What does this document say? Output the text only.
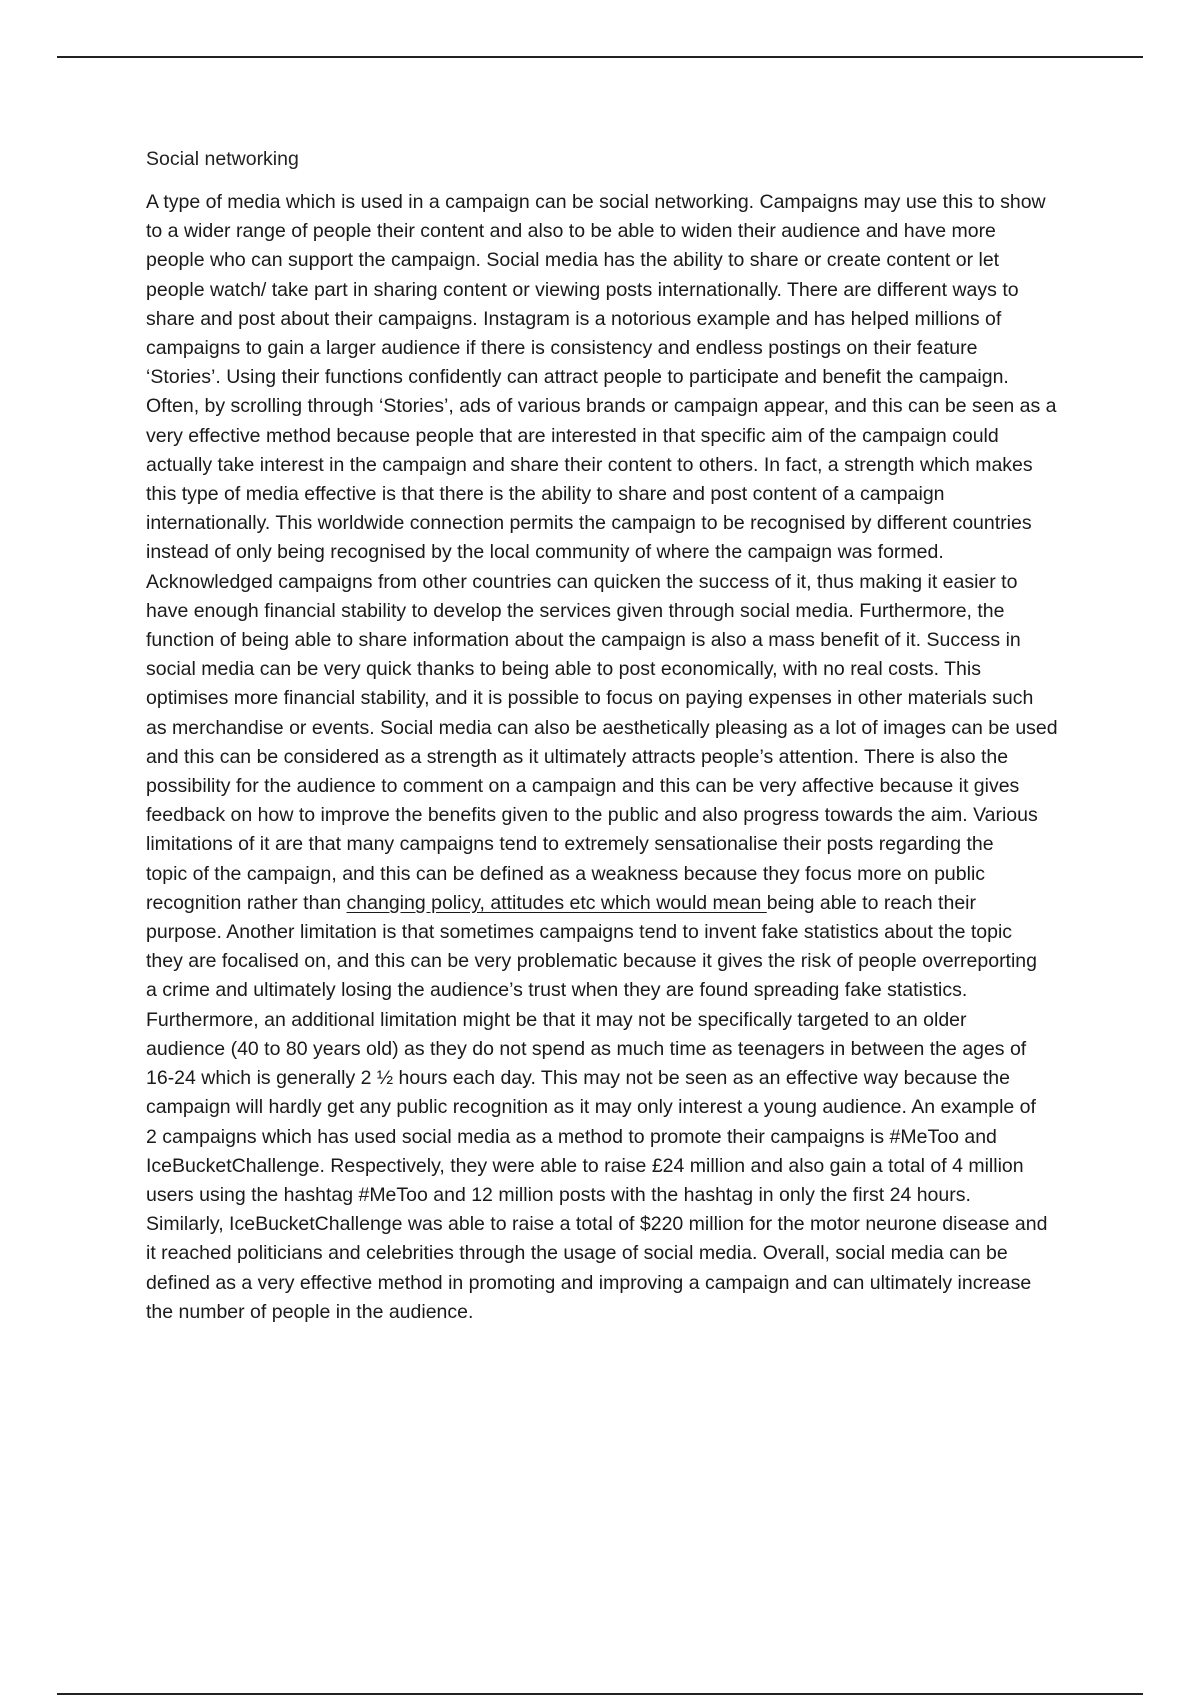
Social networking

A type of media which is used in a campaign can be social networking. Campaigns may use this to show
to a wider range of people their content and also to be able to widen their audience and have more
people who can support the campaign. Social media has the ability to share or create content or let
people watch/ take part in sharing content or viewing posts internationally. There are different ways to
share and post about their campaigns. Instagram is a notorious example and has helped millions of
campaigns to gain a larger audience if there is consistency and endless postings on their feature
‘Stories’. Using their functions confidently can attract people to participate and benefit the campaign.
Often, by scrolling through ‘Stories’, ads of various brands or campaign appear, and this can be seen as a
very effective method because people that are interested in that specific aim of the campaign could
actually take interest in the campaign and share their content to others. In fact, a strength which makes
this type of media effective is that there is the ability to share and post content of a campaign
internationally. This worldwide connection permits the campaign to be recognised by different countries
instead of only being recognised by the local community of where the campaign was formed.
Acknowledged campaigns from other countries can quicken the success of it, thus making it easier to
have enough financial stability to develop the services given through social media. Furthermore, the
function of being able to share information about the campaign is also a mass benefit of it. Success in
social media can be very quick thanks to being able to post economically, with no real costs. This
optimises more financial stability, and it is possible to focus on paying expenses in other materials such
as merchandise or events. Social media can also be aesthetically pleasing as a lot of images can be used
and this can be considered as a strength as it ultimately attracts people’s attention. There is also the
possibility for the audience to comment on a campaign and this can be very affective because it gives
feedback on how to improve the benefits given to the public and also progress towards the aim. Various
limitations of it are that many campaigns tend to extremely sensationalise their posts regarding the
topic of the campaign, and this can be defined as a weakness because they focus more on public
recognition rather than changing policy, attitudes etc which would mean being able to reach their
purpose. Another limitation is that sometimes campaigns tend to invent fake statistics about the topic
they are focalised on, and this can be very problematic because it gives the risk of people overreporting
a crime and ultimately losing the audience’s trust when they are found spreading fake statistics.
Furthermore, an additional limitation might be that it may not be specifically targeted to an older
audience (40 to 80 years old) as they do not spend as much time as teenagers in between the ages of
16-24 which is generally 2 ½ hours each day. This may not be seen as an effective way because the
campaign will hardly get any public recognition as it may only interest a young audience. An example of
2 campaigns which has used social media as a method to promote their campaigns is #MeToo and
IceBucketChallenge. Respectively, they were able to raise £24 million and also gain a total of 4 million
users using the hashtag #MeToo and 12 million posts with the hashtag in only the first 24 hours.
Similarly, IceBucketChallenge was able to raise a total of $220 million for the motor neurone disease and
it reached politicians and celebrities through the usage of social media. Overall, social media can be
defined as a very effective method in promoting and improving a campaign and can ultimately increase
the number of people in the audience.
